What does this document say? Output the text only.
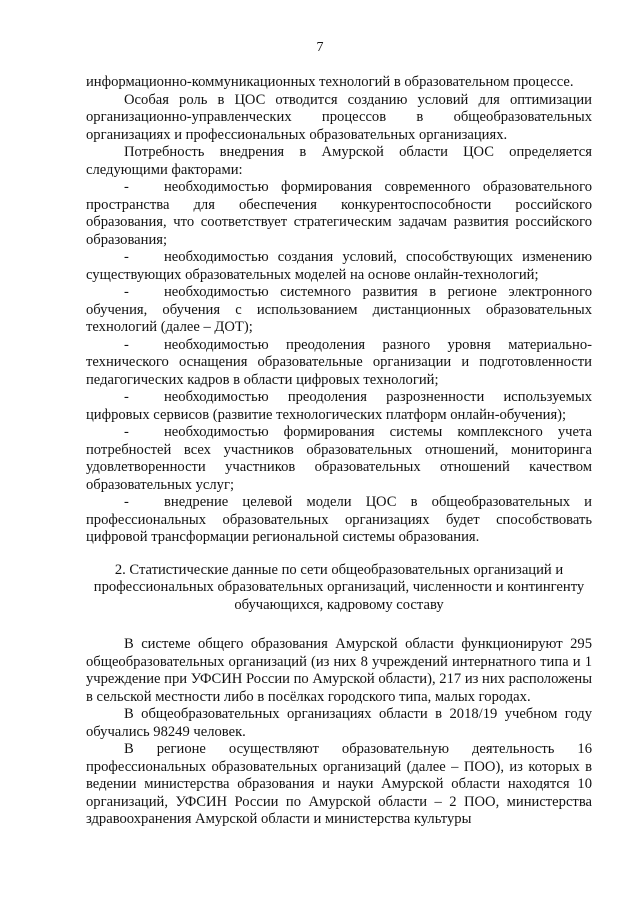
7

информационно-коммуникационных технологий в образовательном процессе.

Особая роль в ЦОС отводится созданию условий для оптимизации организационно-управленческих процессов в общеобразовательных организациях и профессиональных образовательных организациях.

Потребность внедрения в Амурской области ЦОС определяется следующими факторами:

- необходимостью формирования современного образовательного пространства для обеспечения конкурентоспособности российского образования, что соответствует стратегическим задачам развития российского образования;

- необходимостью создания условий, способствующих изменению существующих образовательных моделей на основе онлайн-технологий;

- необходимостью системного развития в регионе электронного обучения, обучения с использованием дистанционных образовательных технологий (далее – ДОТ);

- необходимостью преодоления разного уровня материально-технического оснащения образовательные организации и подготовленности педагогических кадров в области цифровых технологий;

- необходимостью преодоления разрозненности используемых цифровых сервисов (развитие технологических платформ онлайн-обучения);

- необходимостью формирования системы комплексного учета потребностей всех участников образовательных отношений, мониторинга удовлетворенности участников образовательных отношений качеством образовательных услуг;

- внедрение целевой модели ЦОС в общеобразовательных и профессиональных образовательных организациях будет способствовать цифровой трансформации региональной системы образования.

2. Статистические данные по сети общеобразовательных организаций и профессиональных образовательных организаций, численности и контингенту обучающихся, кадровому составу

В системе общего образования Амурской области функционируют 295 общеобразовательных организаций (из них 8 учреждений интернатного типа и 1 учреждение при УФСИН России по Амурской области), 217 из них расположены в сельской местности либо в посёлках городского типа, малых городах.

В общеобразовательных организациях области в 2018/19 учебном году обучались 98249 человек.

В регионе осуществляют образовательную деятельность 16 профессиональных образовательных организаций (далее – ПОО), из которых в ведении министерства образования и науки Амурской области находятся 10 организаций, УФСИН России по Амурской области – 2 ПОО, министерства здравоохранения Амурской области и министерства культуры
